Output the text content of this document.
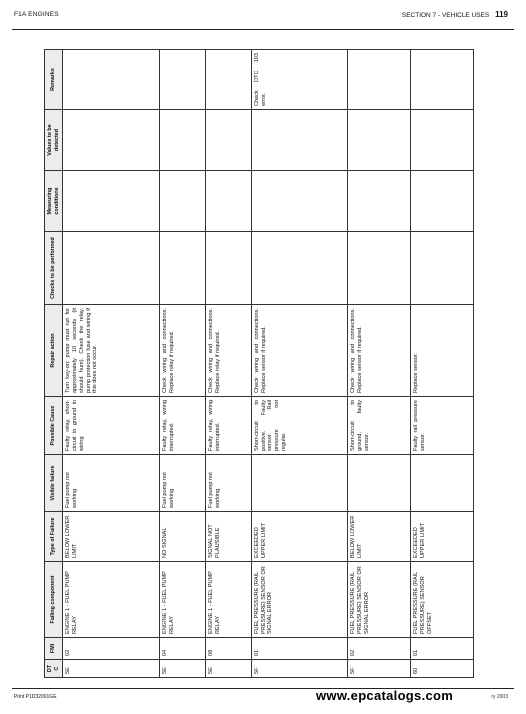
F1A ENGINES	SECTION 7 - VEHICLE USES 119
DTC	FMI	Failing component	Type of Failure	Visible failure	Possible Cause	Repair action	Checks to be performed	Measuring conditions	Values to be detected	Remarks
5E	02	ENGINE 1 - FUEL PUMP RELAY	BELOW LOWER LIMIT	Fuel pump not working	Faulty relay, short-circuit in ground in wiring	Turn key-on: pump must run for approximately 10 seconds (it should hum). Check the relay, pump protection fuse and wiring if this does not occur.				
5E	04	ENGINE 1 - FUEL PUMP RELAY	NO SIGNAL	Fuel pump not working	Faulty relay, wiring interrupted.	Check wiring and connections. Replace relay if required.				
5E	08	ENGINE 1 - FUEL PUMP RELAY	SIGNAL NOT PLAUSIBLE	Fuel pump not working	Faulty relay, wiring interrupted.	Check wiring and connections. Replace relay if required.				
5F	01	FUEL PRESSURE (RAIL PRESSURE) SENSOR OR SIGNAL ERROR	EXCEEDED UPPER LIMIT		Short-circuit to positive. Faulty sensor. Rail pressure not regular.	Check wiring and connections. Replace sensor if required.				Check DTC 103 error.
5F	02	FUEL PRESSURE (RAIL PRESSURE) SENSOR OR SIGNAL ERROR	BELOW LOWER LIMIT		Short-circuit to ground, faulty sensor.	Check wiring and connections. Replace sensor if required.				
60	01	FUEL PRESSURE (RAIL PRESSURE) SENSOR OFFSET	EXCEEDED UPPER LIMIT		Faulty rail pressure sensor.	Replace sensor.				
Print P1D32001GE	www.epcatalogs.com	ry 2003
